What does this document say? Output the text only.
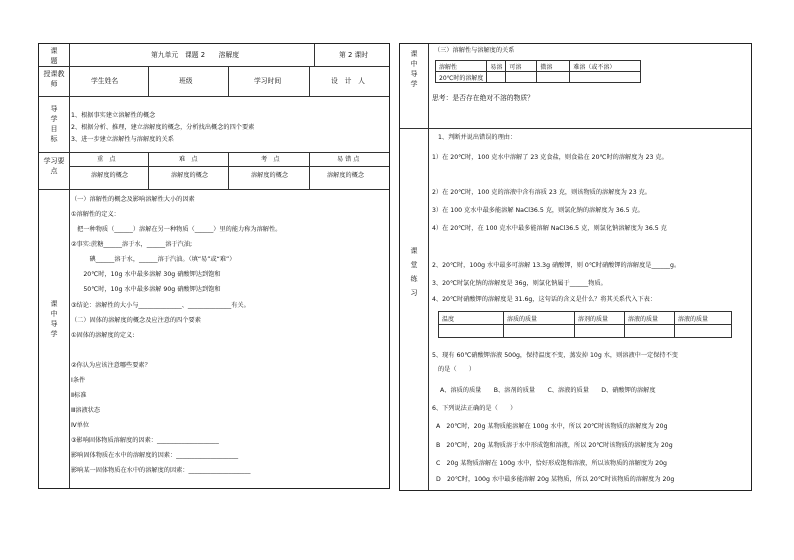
课题
第九单元　课题 2　　溶解度	第 2 课时
授课教师	学生姓名	班级	学习时间	设　计　人
导学目标
1、根据事实建立溶解性的概念
2、根据分析、推理，建立溶解度的概念，分析找出概念的四个要素
3、进一步建立溶解性与溶解度的关系
学习要点
重　点	难　点	考　点	易 错 点
溶解度的概念	溶解度的概念	溶解度的概念	溶解度的概念
课中导学
（一）溶解性的概念及影响溶解性大小的因素
①溶解性的定义：
　把一种物质（______）溶解在另一种物质（______）里的能力称为溶解性。
②事实:蔗糖______溶于水，______溶于汽油;
　　　碘______溶于水，______溶于汽油。（填“易”或“难”）
　　20℃时，10g 水中最多溶解 30g 硝酸钾达到饱和
　　50℃时，10g 水中最多溶解 90g 硝酸钾达到饱和
③结论：溶解性的大小与______________、______________有关。
（二）固体的溶解度的概念及应注意的四个要素
①固体的溶解度的定义:
②你认为应该注意哪些要素？
Ⅰ条件
Ⅱ标准
Ⅲ溶液状态
Ⅳ单位
③影响固体物质溶解度的因素：____________________
影响固体物质在水中的溶解度的因素：____________________
影响某一固体物质在水中的溶解度的因素：____________________
课中导学
（三）溶解性与溶解度的关系
溶解性	易溶	可溶	微溶	难溶（或不溶）
20℃时的溶解度				
思考：是否存在绝对不溶的物质？
课堂练习
1、判断并说出错误的理由：
1）在 20℃时，100 克水中溶解了 23 克食盐，则食盐在 20℃时的溶解度为 23 克。
2）在 20℃时，100 克的溶液中含有溶质 23 克，则该物质的溶解度为 23 克。
3）在 100 克水中最多能溶解 NaCl36.5 克，则氯化钠的溶解度为 36.5 克。
4）在 20℃时，在 100 克水中最多能溶解 NaCl36.5 克，则氯化钠溶解度为 36.5 克
2、20℃时，100g 水中最多可溶解 13.3g 硝酸钾，则 0℃时硝酸钾的溶解度是______g。
3、20℃时氯化钠的溶解度是 36g，则氯化钠属于______物质。
4、20℃时硝酸钾的溶解度是 31.6g，这句话的含义是什么？将其关系代入下表：
温度	溶质的质量	溶剂的质量	溶液的质量	溶液的质量

5、现有 60℃硝酸钾溶液 500g，保持温度不变，蒸发掉 10g 水，则溶液中一定保持不变
的是（　　）
A、溶质的质量　　B、溶剂的质量　　C、溶液的质量　　D、硝酸钾的溶解度
6、下列说法正确的是（　　）
A　20℃时，20g 某物质能溶解在 100g 水中，所以 20℃时该物质的溶解度为 20g
B　20℃时，20g 某物质溶于水中形成饱和溶液，所以 20℃时该物质的溶解度为 20g
C　20g 某物质溶解在 100g 水中，恰好形成饱和溶液，所以该物质的溶解度为 20g
D　20℃时，100g 水中最多能溶解 20g 某物质，所以 20℃时该物质的溶解度为 20g
